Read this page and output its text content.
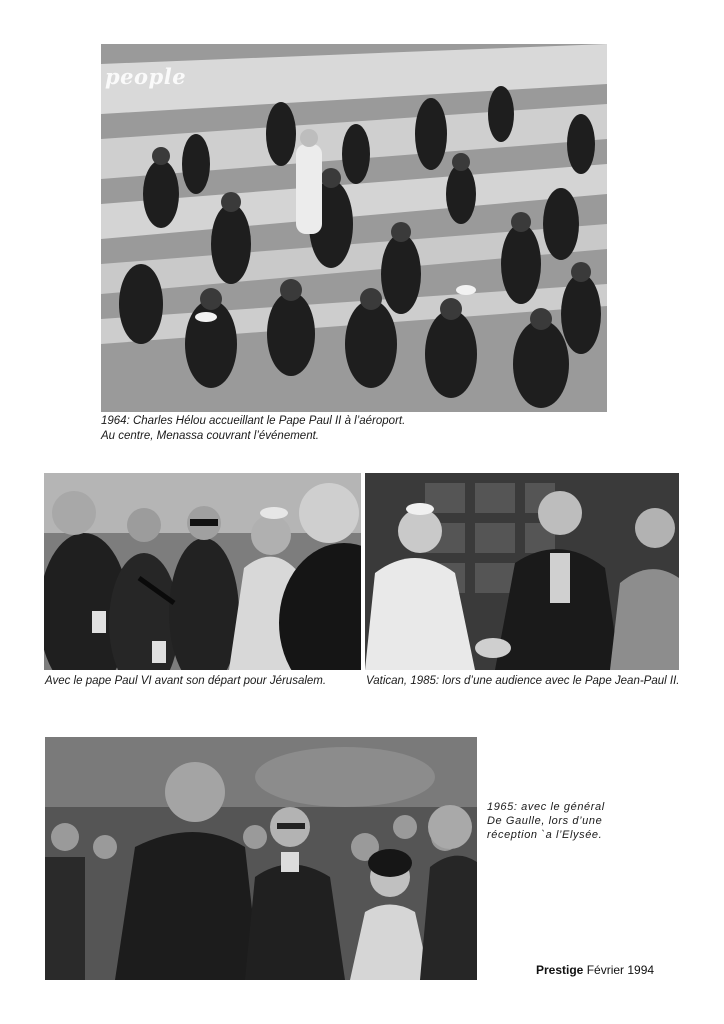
people
1964: Charles Hélou accueillant le Pape Paul II à l’aéroport.
Au centre, Menassa couvrant l’événement.
Avec le pape Paul VI avant son départ pour Jérusalem.	Vatican, 1985: lors d’une audience avec le Pape Jean-Paul II.
1965: avec le général
De Gaulle, lors d’une
réception `a l’Elysée.
Prestige Février 1994
